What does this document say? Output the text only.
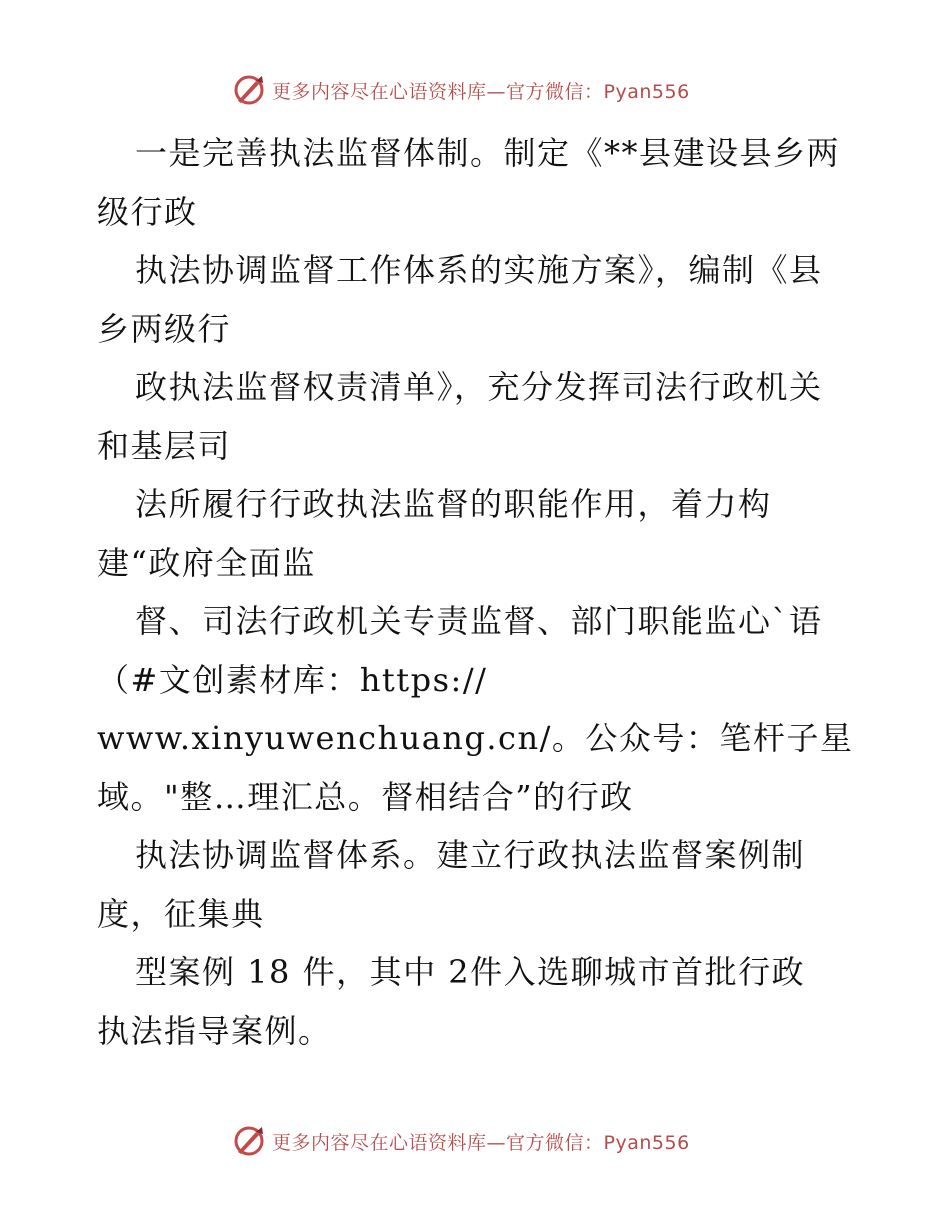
更多内容尽在心语资料库—官方微信：Pyan556
一是完善执法监督体制。制定《**县建设县乡两
级行政
执法协调监督工作体系的实施方案》，编制《县
乡两级行
政执法监督权责清单》，充分发挥司法行政机关
和基层司
法所履行行政执法监督的职能作用，着力构
建“政府全面监
督、司法行政机关专责监督、部门职能监心`语
（#文创素材库：https://
www.xinyuwenchuang.cn/。公众号：笔杆子星
域。"整…理汇总。督相结合”的行政
执法协调监督体系。建立行政执法监督案例制
度，征集典
型案例 18 件，其中 2件入选聊城市首批行政
执法指导案例。
更多内容尽在心语资料库—官方微信：Pyan556
